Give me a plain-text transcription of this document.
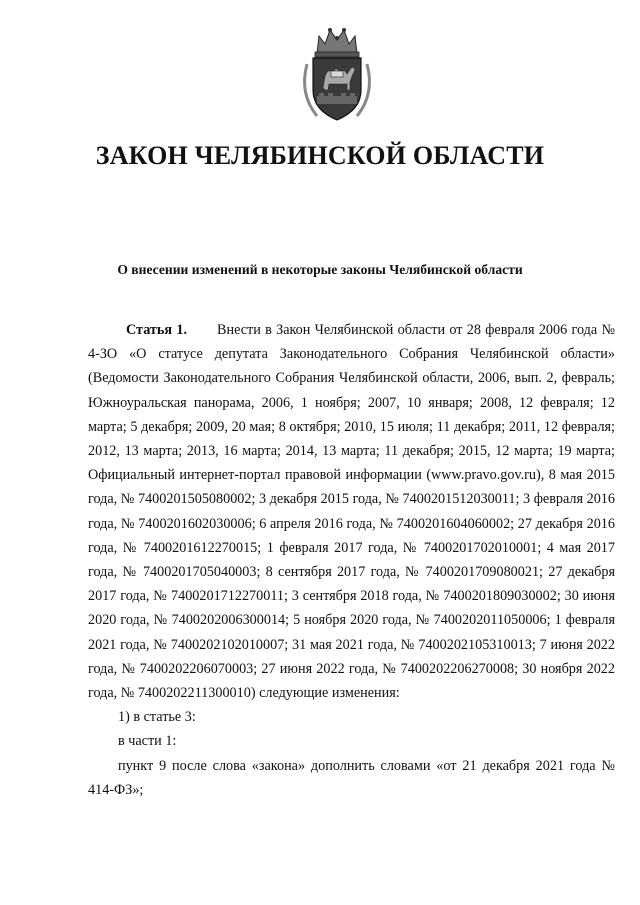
ЗАКОН ЧЕЛЯБИНСКОЙ ОБЛАСТИ
О внесении изменений в некоторые законы Челябинской области

Статья 1. Внести в Закон Челябинской области от 28 февраля 2006 года № 4-ЗО «О статусе депутата Законодательного Собрания Челябинской области» (Ведомости Законодательного Собрания Челябинской области, 2006, вып. 2, февраль; Южноуральская панорама, 2006, 1 ноября; 2007, 10 января; 2008, 12 февраля; 12 марта; 5 декабря; 2009, 20 мая; 8 октября; 2010, 15 июля; 11 декабря; 2011, 12 февраля; 2012, 13 марта; 2013, 16 марта; 2014, 13 марта; 11 декабря; 2015, 12 марта; 19 марта; Официальный интернет-портал правовой информации (www.pravo.gov.ru), 8 мая 2015 года, № 7400201505080002; 3 декабря 2015 года, № 7400201512030011; 3 февраля 2016 года, № 7400201602030006; 6 апреля 2016 года, № 7400201604060002; 27 декабря 2016 года, № 7400201612270015; 1 февраля 2017 года, № 7400201702010001; 4 мая 2017 года, № 7400201705040003; 8 сентября 2017 года, № 7400201709080021; 27 декабря 2017 года, № 7400201712270011; 3 сентября 2018 года, № 7400201809030002; 30 июня 2020 года, № 7400202006300014; 5 ноября 2020 года, № 7400202011050006; 1 февраля 2021 года, № 7400202102010007; 31 мая 2021 года, № 7400202105310013; 7 июня 2022 года, № 7400202206070003; 27 июня 2022 года, № 7400202206270008; 30 ноября 2022 года, № 7400202211300010) следующие изменения:

1) в статье 3:

в части 1:

пункт 9 после слова «закона» дополнить словами «от 21 декабря 2021 года № 414-ФЗ»;
